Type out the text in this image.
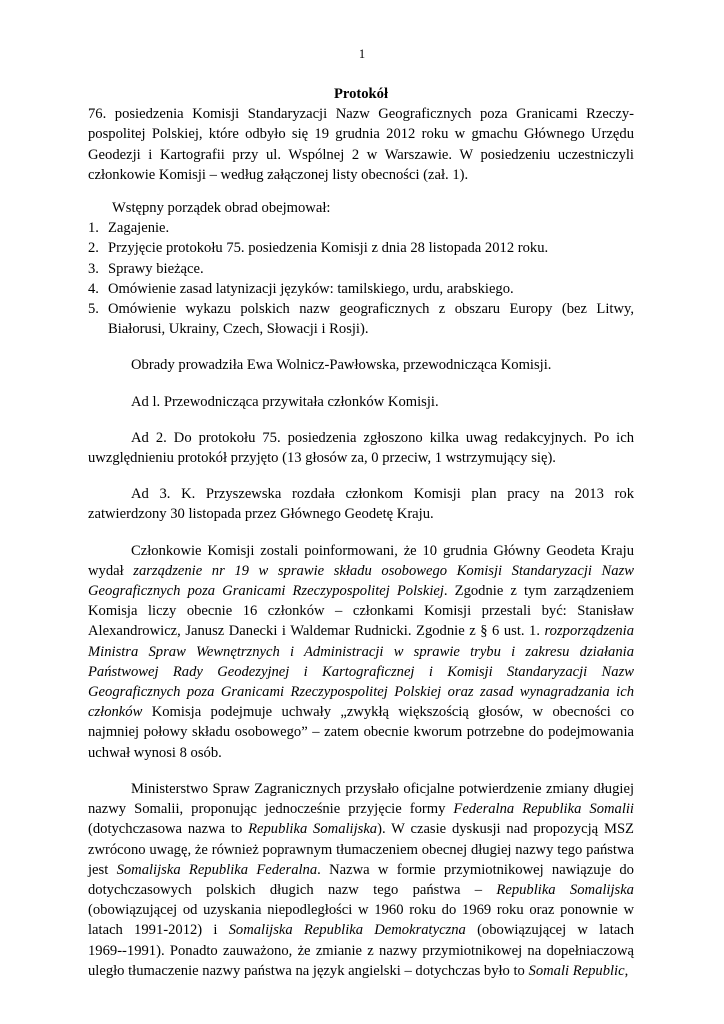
1

Protokół

76. posiedzenia Komisji Standaryzacji Nazw Geograficznych poza Granicami Rzeczypospolitej Polskiej, które odbyło się 19 grudnia 2012 roku w gmachu Głównego Urzędu Geodezji i Kartografii przy ul. Wspólnej 2 w Warszawie. W posiedzeniu uczestniczyli członkowie Komisji – według załączonej listy obecności (zał. 1).

Wstępny porządek obrad obejmował:

1. Zagajenie.
2. Przyjęcie protokołu 75. posiedzenia Komisji z dnia 28 listopada 2012 roku.
3. Sprawy bieżące.
4. Omówienie zasad latynizacji języków: tamilskiego, urdu, arabskiego.
5. Omówienie wykazu polskich nazw geograficznych z obszaru Europy (bez Litwy, Białorusi, Ukrainy, Czech, Słowacji i Rosji).

Obrady prowadziła Ewa Wolnicz-Pawłowska, przewodnicząca Komisji.

Ad l. Przewodnicząca przywitała członków Komisji.

Ad 2. Do protokołu 75. posiedzenia zgłoszono kilka uwag redakcyjnych. Po ich uwzględnieniu protokół przyjęto (13 głosów za, 0 przeciw, 1 wstrzymujący się).

Ad 3. K. Przyszewska rozdała członkom Komisji plan pracy na 2013 rok zatwierdzony 30 listopada przez Głównego Geodetę Kraju.

Członkowie Komisji zostali poinformowani, że 10 grudnia Główny Geodeta Kraju wydał zarządzenie nr 19 w sprawie składu osobowego Komisji Standaryzacji Nazw Geograficznych poza Granicami Rzeczypospolitej Polskiej. Zgodnie z tym zarządzeniem Komisja liczy obecnie 16 członków – członkami Komisji przestali być: Stanisław Alexandrowicz, Janusz Danecki i Waldemar Rudnicki. Zgodnie z § 6 ust. 1. rozporządzenia Ministra Spraw Wewnętrznych i Administracji w sprawie trybu i zakresu działania Państwowej Rady Geodezyjnej i Kartograficznej i Komisji Standaryzacji Nazw Geograficznych poza Granicami Rzeczypospolitej Polskiej oraz zasad wynagradzania ich członków Komisja podejmuje uchwały „zwykłą większością głosów, w obecności co najmniej połowy składu osobowego” – zatem obecnie kworum potrzebne do podejmowania uchwał wynosi 8 osób.

Ministerstwo Spraw Zagranicznych przysłało oficjalne potwierdzenie zmiany długiej nazwy Somalii, proponując jednocześnie przyjęcie formy Federalna Republika Somalii (dotychczasowa nazwa to Republika Somalijska). W czasie dyskusji nad propozycją MSZ zwrócono uwagę, że również poprawnym tłumaczeniem obecnej długiej nazwy tego państwa jest Somalijska Republika Federalna. Nazwa w formie przymiotnikowej nawiązuje do dotychczasowych polskich długich nazw tego państwa – Republika Somalijska (obowiązującej od uzyskania niepodległości w 1960 roku do 1969 roku oraz ponownie w latach 1991-2012) i Somalijska Republika Demokratyczna (obowiązującej w latach 1969--1991). Ponadto zauważono, że zmianie z nazwy przymiotnikowej na dopełniaczową uległo tłumaczenie nazwy państwa na język angielski – dotychczas było to Somali Republic,
